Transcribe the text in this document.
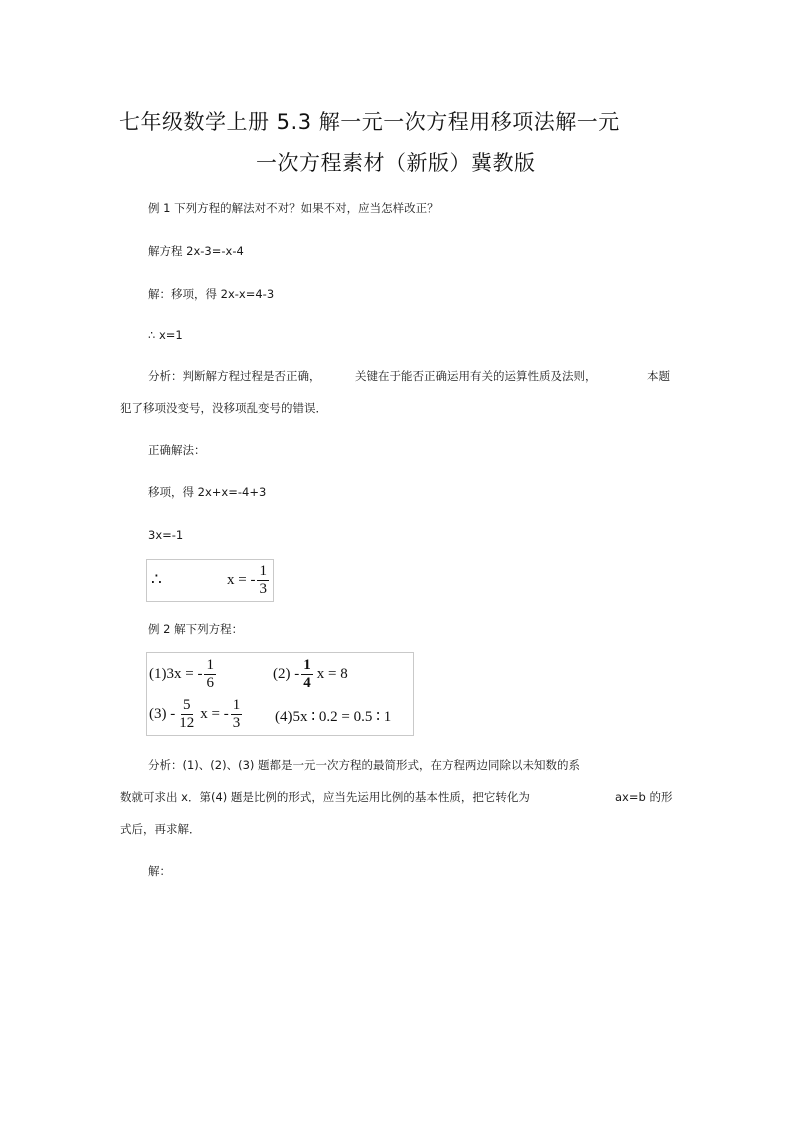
七年级数学上册 5.3 解一元一次方程用移项法解一元
一次方程素材（新版）冀教版
例 1 下列方程的解法对不对？如果不对，应当怎样改正？
解方程 2x-3=-x-4
解：移项，得 2x-x=4-3
∴ x=1
分析：判断解方程过程是否正确，	关键在于能否正确运用有关的运算性质及法则，	本题
犯了移项没变号，没移项乱变号的错误．
正确解法：
移项，得 2x+x=-4+3
3x=-1
∴	x = - $\frac{1}{3}$
例 2 解下列方程：
(1)3x = - $\frac{1}{6}$	$(2) - \frac{1}{4}$ x = 8
$(3) - \frac{5}{12}$ x = - $\frac{1}{3} (4)5x$ ∶ 0.2 = 0.5 ∶ 1
分析：(1)、(2)、(3) 题都是一元一次方程的最简形式，在方程两边同除以未知数的系
数就可求出 x．第(4) 题是比例的形式，应当先运用比例的基本性质，把它转化为	ax=b 的形
式后，再求解．
解：
